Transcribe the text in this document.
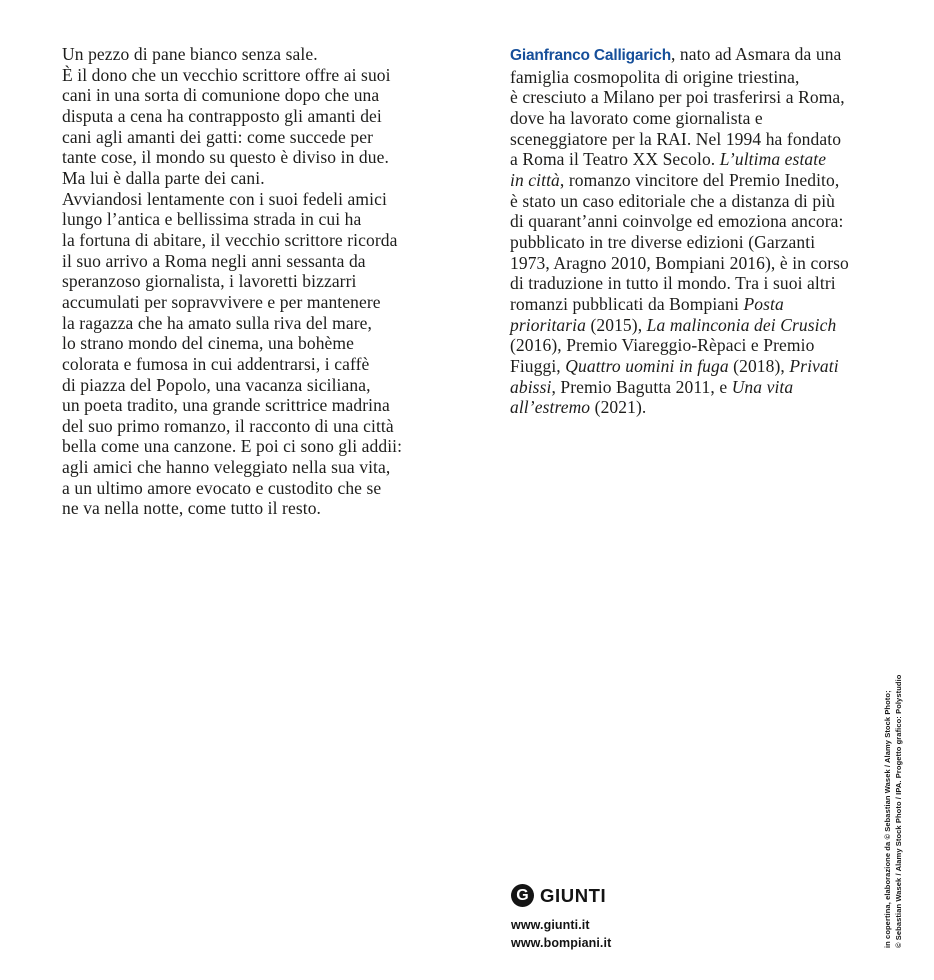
Un pezzo di pane bianco senza sale.
È il dono che un vecchio scrittore offre ai suoi
cani in una sorta di comunione dopo che una
disputa a cena ha contrapposto gli amanti dei
cani agli amanti dei gatti: come succede per
tante cose, il mondo su questo è diviso in due.
Ma lui è dalla parte dei cani.
Avviandosi lentamente con i suoi fedeli amici
lungo l’antica e bellissima strada in cui ha
la fortuna di abitare, il vecchio scrittore ricorda
il suo arrivo a Roma negli anni sessanta da
speranzoso giornalista, i lavoretti bizzarri
accumulati per sopravvivere e per mantenere
la ragazza che ha amato sulla riva del mare,
lo strano mondo del cinema, una bohème
colorata e fumosa in cui addentrarsi, i caffè
di piazza del Popolo, una vacanza siciliana,
un poeta tradito, una grande scrittrice madrina
del suo primo romanzo, il racconto di una città
bella come una canzone. E poi ci sono gli addii:
agli amici che hanno veleggiato nella sua vita,
a un ultimo amore evocato e custodito che se
ne va nella notte, come tutto il resto.
Gianfranco Calligarich, nato ad Asmara da una
famiglia cosmopolita di origine triestina,
è cresciuto a Milano per poi trasferirsi a Roma,
dove ha lavorato come giornalista e
sceneggiatore per la RAI. Nel 1994 ha fondato
a Roma il Teatro XX Secolo. L’ultima estate
in città, romanzo vincitore del Premio Inedito,
è stato un caso editoriale che a distanza di più
di quarant’anni coinvolge ed emoziona ancora:
pubblicato in tre diverse edizioni (Garzanti
1973, Aragno 2010, Bompiani 2016), è in corso
di traduzione in tutto il mondo. Tra i suoi altri
romanzi pubblicati da Bompiani Posta
prioritaria (2015), La malinconia dei Crusich
(2016), Premio Viareggio-Rèpaci e Premio
Fiuggi, Quattro uomini in fuga (2018), Privati
abissi, Premio Bagutta 2011, e Una vita
all’estremo (2021).
in copertina, elaborazione da © Sebastian Wasek / Alamy Stock Photo; © Sebastian Wasek / Alamy Stock Photo / IPA. Progetto grafico: Polystudio
G GIUNTI
www.giunti.it
www.bompiani.it
